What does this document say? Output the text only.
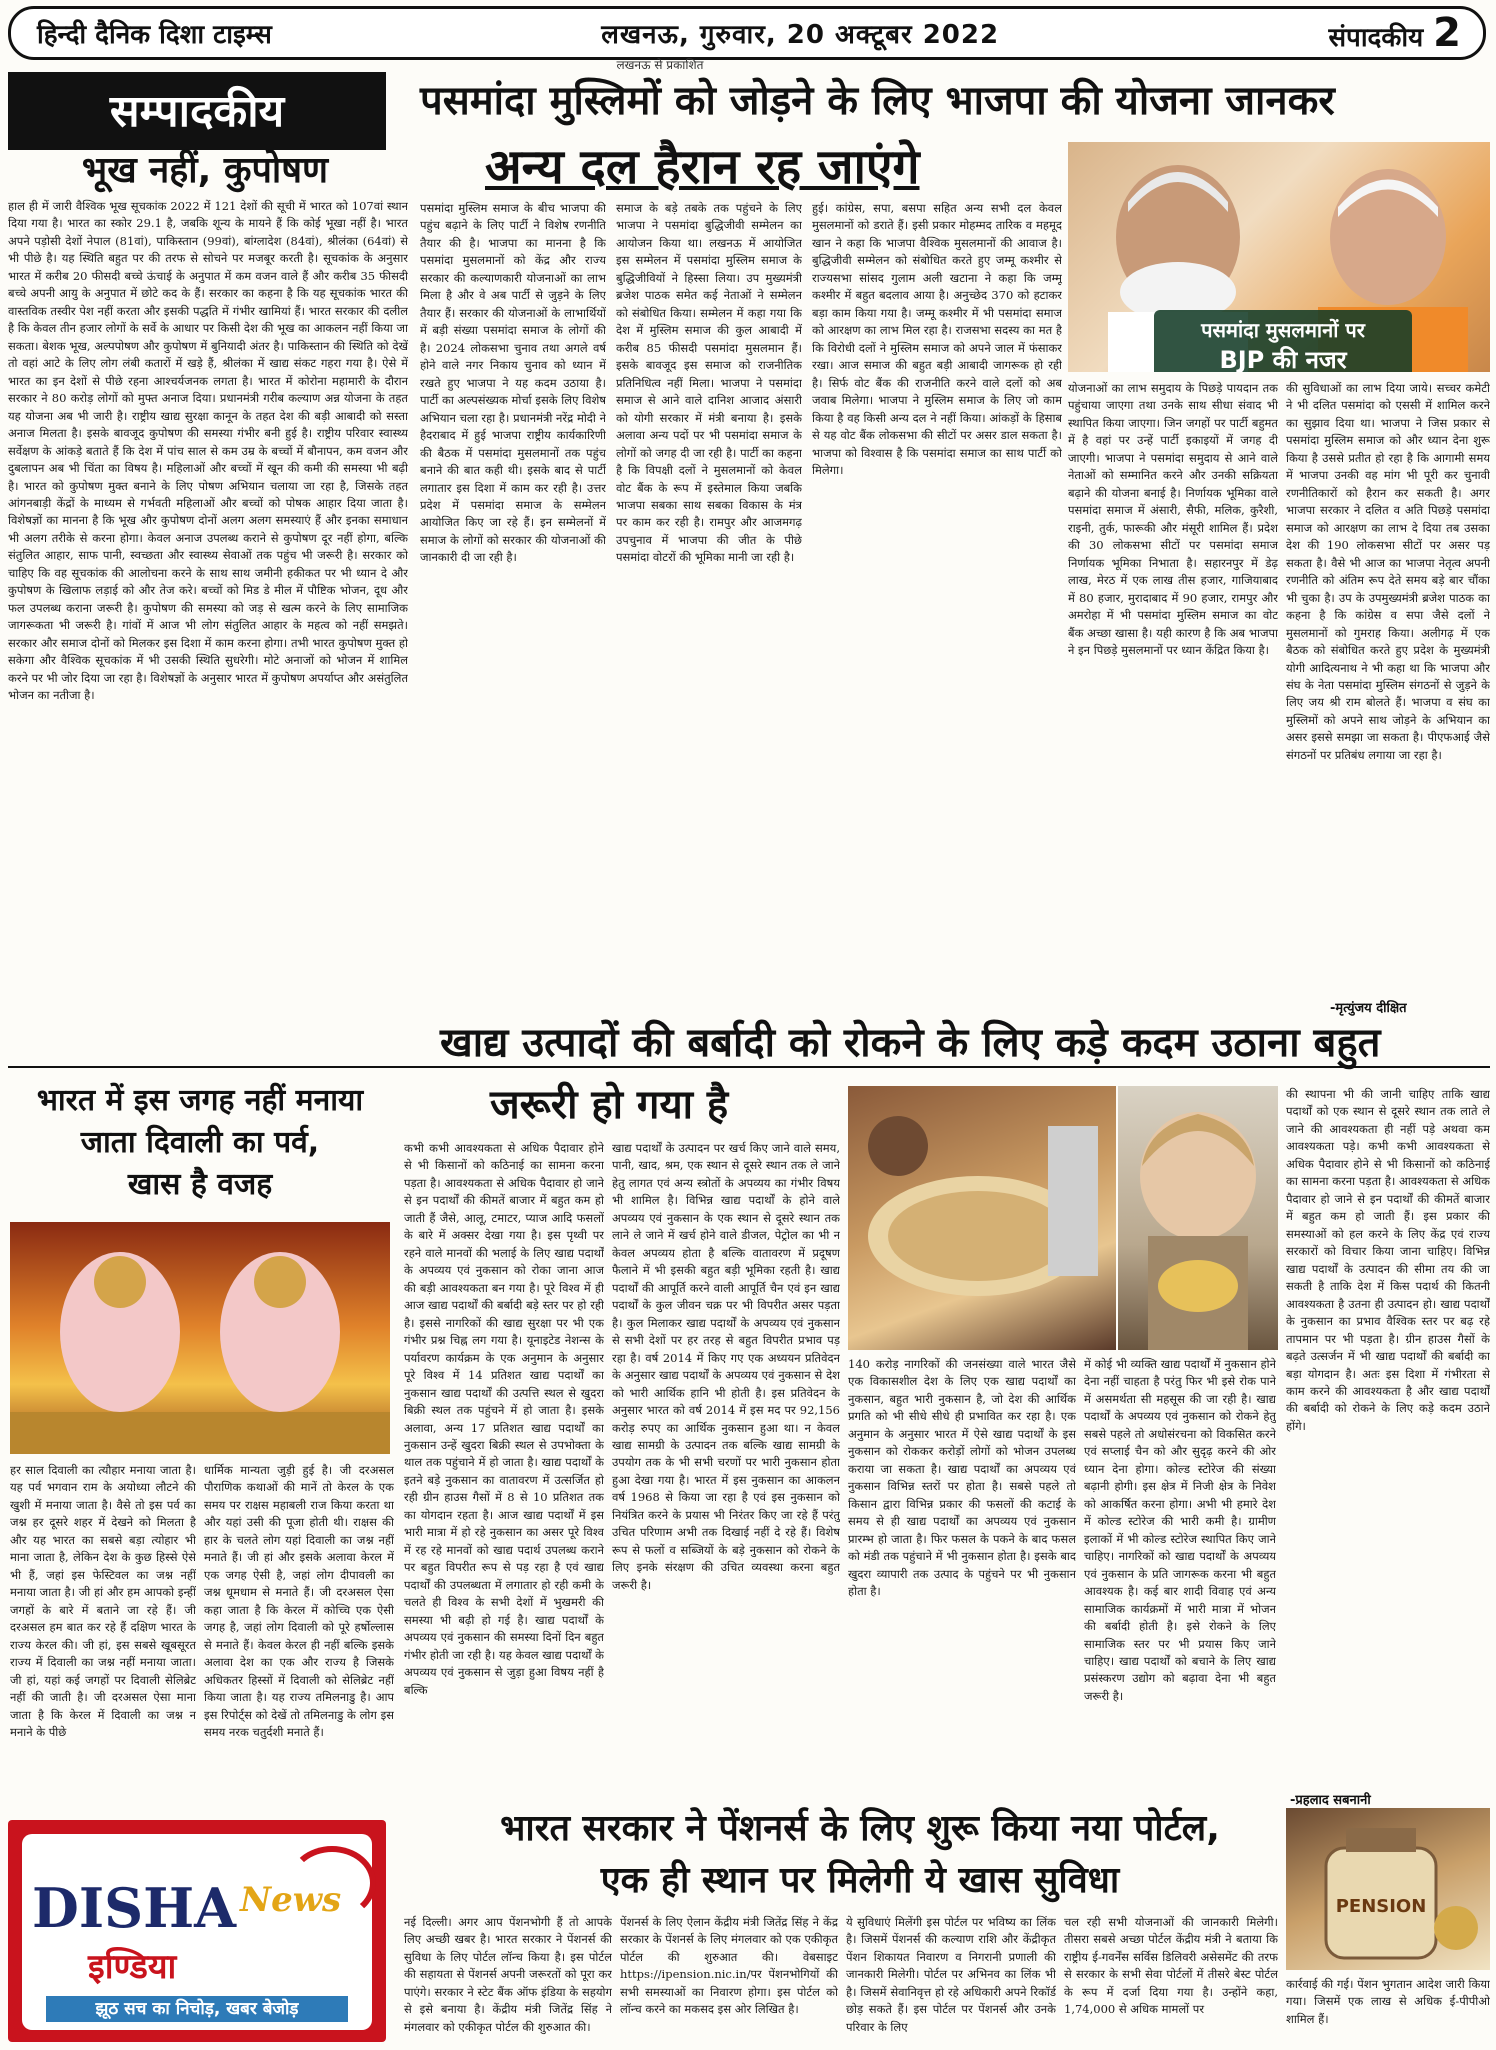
हिन्दी दैनिक दिशा टाइम्स	लखनऊ, गुरुवार, 20 अक्टूबर 2022	संपादकीय 2
लखनऊ से प्रकाशित
सम्पादकीय
भूख नहीं, कुपोषण
हाल ही में जारी वैश्विक भूख सूचकांक 2022 में 121 देशों की सूची में भारत को 107वां स्थान दिया गया है। भारत का स्कोर 29.1 है, जबकि शून्य के मायने हैं कि कोई भूखा नहीं है। भारत अपने पड़ोसी देशों नेपाल (81वां), पाकिस्तान (99वां), बांग्लादेश (84वां), श्रीलंका (64वां) से भी पीछे है। यह स्थिति बहुत पर की तरफ से सोचने पर मजबूर करती है। सूचकांक के अनुसार भारत में करीब 20 फीसदी बच्चे ऊंचाई के अनुपात में कम वजन वाले हैं और करीब 35 फीसदी बच्चे अपनी आयु के अनुपात में छोटे कद के हैं। सरकार का कहना है कि यह सूचकांक भारत की वास्तविक तस्वीर पेश नहीं करता और इसकी पद्धति में गंभीर खामियां हैं। भारत सरकार की दलील है कि केवल तीन हजार लोगों के सर्वे के आधार पर किसी देश की भूख का आकलन नहीं किया जा सकता। बेशक भूख, अल्पपोषण और कुपोषण में बुनियादी अंतर है। पाकिस्तान की स्थिति को देखें तो वहां आटे के लिए लोग लंबी कतारों में खड़े हैं, श्रीलंका में खाद्य संकट गहरा गया है। ऐसे में भारत का इन देशों से पीछे रहना आश्चर्यजनक लगता है। भारत में कोरोना महामारी के दौरान सरकार ने 80 करोड़ लोगों को मुफ्त अनाज दिया। प्रधानमंत्री गरीब कल्याण अन्न योजना के तहत यह योजना अब भी जारी है। राष्ट्रीय खाद्य सुरक्षा कानून के तहत देश की बड़ी आबादी को सस्ता अनाज मिलता है। इसके बावजूद कुपोषण की समस्या गंभीर बनी हुई है। राष्ट्रीय परिवार स्वास्थ्य सर्वेक्षण के आंकड़े बताते हैं कि देश में पांच साल से कम उम्र के बच्चों में बौनापन, कम वजन और दुबलापन अब भी चिंता का विषय है। महिलाओं और बच्चों में खून की कमी की समस्या भी बढ़ी है। भारत को कुपोषण मुक्त बनाने के लिए पोषण अभियान चलाया जा रहा है, जिसके तहत आंगनबाड़ी केंद्रों के माध्यम से गर्भवती महिलाओं और बच्चों को पोषक आहार दिया जाता है। विशेषज्ञों का मानना है कि भूख और कुपोषण दोनों अलग अलग समस्याएं हैं और इनका समाधान भी अलग तरीके से करना होगा। केवल अनाज उपलब्ध कराने से कुपोषण दूर नहीं होगा, बल्कि संतुलित आहार, साफ पानी, स्वच्छता और स्वास्थ्य सेवाओं तक पहुंच भी जरूरी है। सरकार को चाहिए कि वह सूचकांक की आलोचना करने के साथ साथ जमीनी हकीकत पर भी ध्यान दे और कुपोषण के खिलाफ लड़ाई को और तेज करे। बच्चों को मिड डे मील में पौष्टिक भोजन, दूध और फल उपलब्ध कराना जरूरी है। कुपोषण की समस्या को जड़ से खत्म करने के लिए सामाजिक जागरूकता भी जरूरी है। गांवों में आज भी लोग संतुलित आहार के महत्व को नहीं समझते। सरकार और समाज दोनों को मिलकर इस दिशा में काम करना होगा। तभी भारत कुपोषण मुक्त हो सकेगा और वैश्विक सूचकांक में भी उसकी स्थिति सुधरेगी। मोटे अनाजों को भोजन में शामिल करने पर भी जोर दिया जा रहा है। विशेषज्ञों के अनुसार भारत में कुपोषण अपर्याप्त और असंतुलित भोजन का नतीजा है।
पसमांदा मुस्लिमों को जोड़ने के लिए भाजपा की योजना जानकर
अन्य दल हैरान रह जाएंगे
पसमांदा मुस्लिम समाज के बीच भाजपा की पहुंच बढ़ाने के लिए पार्टी ने विशेष रणनीति तैयार की है। भाजपा का मानना है कि पसमांदा मुसलमानों को केंद्र और राज्य सरकार की कल्याणकारी योजनाओं का लाभ मिला है और वे अब पार्टी से जुड़ने के लिए तैयार हैं। सरकार की योजनाओं के लाभार्थियों में बड़ी संख्या पसमांदा समाज के लोगों की है। 2024 लोकसभा चुनाव तथा अगले वर्ष होने वाले नगर निकाय चुनाव को ध्यान में रखते हुए भाजपा ने यह कदम उठाया है। पार्टी का अल्पसंख्यक मोर्चा इसके लिए विशेष अभियान चला रहा है। प्रधानमंत्री नरेंद्र मोदी ने हैदराबाद में हुई भाजपा राष्ट्रीय कार्यकारिणी की बैठक में पसमांदा मुसलमानों तक पहुंच बनाने की बात कही थी। इसके बाद से पार्टी लगातार इस दिशा में काम कर रही है। उत्तर प्रदेश में पसमांदा समाज के सम्मेलन आयोजित किए जा रहे हैं। इन सम्मेलनों में समाज के लोगों को सरकार की योजनाओं की जानकारी दी जा रही है।
समाज के बड़े तबके तक पहुंचने के लिए भाजपा ने पसमांदा बुद्धिजीवी सम्मेलन का आयोजन किया था। लखनऊ में आयोजित इस सम्मेलन में पसमांदा मुस्लिम समाज के बुद्धिजीवियों ने हिस्सा लिया। उप मुख्यमंत्री ब्रजेश पाठक समेत कई नेताओं ने सम्मेलन को संबोधित किया। सम्मेलन में कहा गया कि देश में मुस्लिम समाज की कुल आबादी में करीब 85 फीसदी पसमांदा मुसलमान हैं। इसके बावजूद इस समाज को राजनीतिक प्रतिनिधित्व नहीं मिला। भाजपा ने पसमांदा समाज से आने वाले दानिश आजाद अंसारी को योगी सरकार में मंत्री बनाया है। इसके अलावा अन्य पदों पर भी पसमांदा समाज के लोगों को जगह दी जा रही है। पार्टी का कहना है कि विपक्षी दलों ने मुसलमानों को केवल वोट बैंक के रूप में इस्तेमाल किया जबकि भाजपा सबका साथ सबका विकास के मंत्र पर काम कर रही है। रामपुर और आजमगढ़ उपचुनाव में भाजपा की जीत के पीछे पसमांदा वोटरों की भूमिका मानी जा रही है।
हुई। कांग्रेस, सपा, बसपा सहित अन्य सभी दल केवल मुसलमानों को डराते हैं। इसी प्रकार मोहम्मद तारिक व महमूद खान ने कहा कि भाजपा वैश्विक मुसलमानों की आवाज है। बुद्धिजीवी सम्मेलन को संबोधित करते हुए जम्मू कश्मीर से राज्यसभा सांसद गुलाम अली खटाना ने कहा कि जम्मू कश्मीर में बहुत बदलाव आया है। अनुच्छेद 370 को हटाकर बड़ा काम किया गया है। जम्मू कश्मीर में भी पसमांदा समाज को आरक्षण का लाभ मिल रहा है। राजसभा सदस्य का मत है कि विरोधी दलों ने मुस्लिम समाज को अपने जाल में फंसाकर रखा। आज समाज की बहुत बड़ी आबादी जागरूक हो रही है। सिर्फ वोट बैंक की राजनीति करने वाले दलों को अब जवाब मिलेगा। भाजपा ने मुस्लिम समाज के लिए जो काम किया है वह किसी अन्य दल ने नहीं किया। आंकड़ों के हिसाब से यह वोट बैंक लोकसभा की सीटों पर असर डाल सकता है। भाजपा को विश्वास है कि पसमांदा समाज का साथ पार्टी को मिलेगा।
पसमांदा मुसलमानों पर
BJP की नजर
योजनाओं का लाभ समुदाय के पिछड़े पायदान तक पहुंचाया जाएगा तथा उनके साथ सीधा संवाद भी स्थापित किया जाएगा। जिन जगहों पर पार्टी बहुमत में है वहां पर उन्हें पार्टी इकाइयों में जगह दी जाएगी। भाजपा ने पसमांदा समुदाय से आने वाले नेताओं को सम्मानित करने और उनकी सक्रियता बढ़ाने की योजना बनाई है। निर्णायक भूमिका वाले पसमांदा समाज में अंसारी, सैफी, मलिक, कुरैशी, राइनी, तुर्क, फारूकी और मंसूरी शामिल हैं। प्रदेश की 30 लोकसभा सीटों पर पसमांदा समाज निर्णायक भूमिका निभाता है। सहारनपुर में डेढ़ लाख, मेरठ में एक लाख तीस हजार, गाजियाबाद में 80 हजार, मुरादाबाद में 90 हजार, रामपुर और अमरोहा में भी पसमांदा मुस्लिम समाज का वोट बैंक अच्छा खासा है। यही कारण है कि अब भाजपा ने इन पिछड़े मुसलमानों पर ध्यान केंद्रित किया है।
की सुविधाओं का लाभ दिया जाये। सच्चर कमेटी ने भी दलित पसमांदा को एससी में शामिल करने का सुझाव दिया था। भाजपा ने जिस प्रकार से पसमांदा मुस्लिम समाज को और ध्यान देना शुरू किया है उससे प्रतीत हो रहा है कि आगामी समय में भाजपा उनकी वह मांग भी पूरी कर चुनावी रणनीतिकारों को हैरान कर सकती है। अगर भाजपा सरकार ने दलित व अति पिछड़े पसमांदा समाज को आरक्षण का लाभ दे दिया तब उसका देश की 190 लोकसभा सीटों पर असर पड़ सकता है। वैसे भी आज का भाजपा नेतृत्व अपनी रणनीति को अंतिम रूप देते समय बड़े बार चौंका भी चुका है। उप के उपमुख्यमंत्री ब्रजेश पाठक का कहना है कि कांग्रेस व सपा जैसे दलों ने मुसलमानों को गुमराह किया। अलीगढ़ में एक बैठक को संबोधित करते हुए प्रदेश के मुख्यमंत्री योगी आदित्यनाथ ने भी कहा था कि भाजपा और संघ के नेता पसमांदा मुस्लिम संगठनों से जुड़ने के लिए जय श्री राम बोलते हैं। भाजपा व संघ का मुस्लिमों को अपने साथ जोड़ने के अभियान का असर इससे समझा जा सकता है। पीएफआई जैसे संगठनों पर प्रतिबंध लगाया जा रहा है।
-मृत्युंजय दीक्षित
खाद्य उत्पादों की बर्बादी को रोकने के लिए कड़े कदम उठाना बहुत
जरूरी हो गया है
कभी कभी आवश्यकता से अधिक पैदावार होने से भी किसानों को कठिनाई का सामना करना पड़ता है। आवश्यकता से अधिक पैदावार हो जाने से इन पदार्थों की कीमतें बाजार में बहुत कम हो जाती हैं जैसे, आलू, टमाटर, प्याज आदि फसलों के बारे में अक्सर देखा गया है। इस पृथ्वी पर रहने वाले मानवों की भलाई के लिए खाद्य पदार्थों के अपव्यय एवं नुकसान को रोका जाना आज की बड़ी आवश्यकता बन गया है। पूरे विश्व में ही आज खाद्य पदार्थों की बर्बादी बड़े स्तर पर हो रही है। इससे नागरिकों की खाद्य सुरक्षा पर भी एक गंभीर प्रश्न चिह्न लग गया है। यूनाइटेड नेशन्स के पर्यावरण कार्यक्रम के एक अनुमान के अनुसार पूरे विश्व में 14 प्रतिशत खाद्य पदार्थों का नुकसान खाद्य पदार्थों की उत्पत्ति स्थल से खुदरा बिक्री स्थल तक पहुंचने में हो जाता है। इसके अलावा, अन्य 17 प्रतिशत खाद्य पदार्थों का नुकसान उन्हें खुदरा बिक्री स्थल से उपभोक्ता के थाल तक पहुंचाने में हो जाता है। खाद्य पदार्थों के इतने बड़े नुकसान का वातावरण में उत्सर्जित हो रही ग्रीन हाउस गैसों में 8 से 10 प्रतिशत तक का योगदान रहता है। आज खाद्य पदार्थों में इस भारी मात्रा में हो रहे नुकसान का असर पूरे विश्व में रह रहे मानवों को खाद्य पदार्थ उपलब्ध कराने पर बहुत विपरीत रूप से पड़ रहा है एवं खाद्य पदार्थों की उपलब्धता में लगातार हो रही कमी के चलते ही विश्व के सभी देशों में भुखमरी की समस्या भी बढ़ी हो गई है। खाद्य पदार्थों के अपव्यय एवं नुकसान की समस्या दिनों दिन बहुत गंभीर होती जा रही है। यह केवल खाद्य पदार्थों के अपव्यय एवं नुकसान से जुड़ा हुआ विषय नहीं है बल्कि
खाद्य पदार्थों के उत्पादन पर खर्च किए जाने वाले समय, पानी, खाद, श्रम, एक स्थान से दूसरे स्थान तक ले जाने हेतु लागत एवं अन्य स्त्रोतों के अपव्यय का गंभीर विषय भी शामिल है। विभिन्न खाद्य पदार्थों के होने वाले अपव्यय एवं नुकसान के एक स्थान से दूसरे स्थान तक लाने ले जाने में खर्च होने वाले डीजल, पेट्रोल का भी न केवल अपव्यय होता है बल्कि वातावरण में प्रदूषण फैलाने में भी इसकी बहुत बड़ी भूमिका रहती है। खाद्य पदार्थों की आपूर्ति करने वाली आपूर्ति चैन एवं इन खाद्य पदार्थों के कुल जीवन चक्र पर भी विपरीत असर पड़ता है। कुल मिलाकर खाद्य पदार्थों के अपव्यय एवं नुकसान से सभी देशों पर हर तरह से बहुत विपरीत प्रभाव पड़ रहा है। वर्ष 2014 में किए गए एक अध्ययन प्रतिवेदन के अनुसार खाद्य पदार्थों के अपव्यय एवं नुकसान से देश को भारी आर्थिक हानि भी होती है। इस प्रतिवेदन के अनुसार भारत को वर्ष 2014 में इस मद पर 92,156 करोड़ रुपए का आर्थिक नुकसान हुआ था। न केवल खाद्य सामग्री के उत्पादन तक बल्कि खाद्य सामग्री के उपयोग तक के भी सभी चरणों पर भारी नुकसान होता हुआ देखा गया है। भारत में इस नुकसान का आकलन वर्ष 1968 से किया जा रहा है एवं इस नुकसान को नियंत्रित करने के प्रयास भी निरंतर किए जा रहे हैं परंतु उचित परिणाम अभी तक दिखाई नहीं दे रहे हैं। विशेष रूप से फलों व सब्जियों के बड़े नुकसान को रोकने के लिए इनके संरक्षण की उचित व्यवस्था करना बहुत जरूरी है।
140 करोड़ नागरिकों की जनसंख्या वाले भारत जैसे एक विकासशील देश के लिए एक खाद्य पदार्थों का नुकसान, बहुत भारी नुकसान है, जो देश की आर्थिक प्रगति को भी सीधे सीधे ही प्रभावित कर रहा है। एक अनुमान के अनुसार भारत में ऐसे खाद्य पदार्थों के इस नुकसान को रोककर करोड़ों लोगों को भोजन उपलब्ध कराया जा सकता है। खाद्य पदार्थों का अपव्यय एवं नुकसान विभिन्न स्तरों पर होता है। सबसे पहले तो किसान द्वारा विभिन्न प्रकार की फसलों की कटाई के समय से ही खाद्य पदार्थों का अपव्यय एवं नुकसान प्रारम्भ हो जाता है। फिर फसल के पकने के बाद फसल को मंडी तक पहुंचाने में भी नुकसान होता है। इसके बाद खुदरा व्यापारी तक उत्पाद के पहुंचने पर भी नुकसान होता है।
में कोई भी व्यक्ति खाद्य पदार्थों में नुकसान होने देना नहीं चाहता है परंतु फिर भी इसे रोक पाने में असमर्थता सी महसूस की जा रही है। खाद्य पदार्थों के अपव्यय एवं नुकसान को रोकने हेतु सबसे पहले तो अधोसंरचना को विकसित करने एवं सप्लाई चैन को और सुदृढ़ करने की ओर ध्यान देना होगा। कोल्ड स्टोरेज की संख्या बढ़ानी होगी। इस क्षेत्र में निजी क्षेत्र के निवेश को आकर्षित करना होगा। अभी भी हमारे देश में कोल्ड स्टोरेज की भारी कमी है। ग्रामीण इलाकों में भी कोल्ड स्टोरेज स्थापित किए जाने चाहिए। नागरिकों को खाद्य पदार्थों के अपव्यय एवं नुकसान के प्रति जागरूक करना भी बहुत आवश्यक है। कई बार शादी विवाह एवं अन्य सामाजिक कार्यक्रमों में भारी मात्रा में भोजन की बर्बादी होती है। इसे रोकने के लिए सामाजिक स्तर पर भी प्रयास किए जाने चाहिए। खाद्य पदार्थों को बचाने के लिए खाद्य प्रसंस्करण उद्योग को बढ़ावा देना भी बहुत जरूरी है।
की स्थापना भी की जानी चाहिए ताकि खाद्य पदार्थों को एक स्थान से दूसरे स्थान तक लाते ले जाने की आवश्यकता ही नहीं पड़े अथवा कम आवश्यकता पड़े। कभी कभी आवश्यकता से अधिक पैदावार होने से भी किसानों को कठिनाई का सामना करना पड़ता है। आवश्यकता से अधिक पैदावार हो जाने से इन पदार्थों की कीमतें बाजार में बहुत कम हो जाती हैं। इस प्रकार की समस्याओं को हल करने के लिए केंद्र एवं राज्य सरकारों को विचार किया जाना चाहिए। विभिन्न खाद्य पदार्थों के उत्पादन की सीमा तय की जा सकती है ताकि देश में किस पदार्थ की कितनी आवश्यकता है उतना ही उत्पादन हो। खाद्य पदार्थों के नुकसान का प्रभाव वैश्विक स्तर पर बढ़ रहे तापमान पर भी पड़ता है। ग्रीन हाउस गैसों के बढ़ते उत्सर्जन में भी खाद्य पदार्थों की बर्बादी का बड़ा योगदान है। अतः इस दिशा में गंभीरता से काम करने की आवश्यकता है और खाद्य पदार्थों की बर्बादी को रोकने के लिए कड़े कदम उठाने होंगे।
-प्रहलाद सबनानी
भारत में इस जगह नहीं मनाया
जाता दिवाली का पर्व,
खास है वजह
हर साल दिवाली का त्यौहार मनाया जाता है। यह पर्व भगवान राम के अयोध्या लौटने की खुशी में मनाया जाता है। वैसे तो इस पर्व का जश्न हर दूसरे शहर में देखने को मिलता है और यह भारत का सबसे बड़ा त्योहार भी माना जाता है, लेकिन देश के कुछ हिस्से ऐसे भी हैं, जहां इस फेस्टिवल का जश्न नहीं मनाया जाता है। जी हां और हम आपको इन्हीं जगहों के बारे में बताने जा रहे हैं। जी दरअसल हम बात कर रहे हैं दक्षिण भारत के राज्य केरल की। जी हां, इस सबसे खूबसूरत राज्य में दिवाली का जश्न नहीं मनाया जाता। जी हां, यहां कई जगहों पर दिवाली सेलिब्रेट नहीं की जाती है। जी दरअसल ऐसा माना जाता है कि केरल में दिवाली का जश्न न मनाने के पीछे
धार्मिक मान्यता जुड़ी हुई है। जी दरअसल पौराणिक कथाओं की मानें तो केरल के एक समय पर राक्षस महाबली राज किया करता था और यहां उसी की पूजा होती थी। राक्षस की हार के चलते लोग यहां दिवाली का जश्न नहीं मनाते हैं। जी हां और इसके अलावा केरल में एक जगह ऐसी है, जहां लोग दीपावली का जश्न धूमधाम से मनाते हैं। जी दरअसल ऐसा कहा जाता है कि केरल में कोच्चि एक ऐसी जगह है, जहां लोग दिवाली को पूरे हर्षोल्लास से मनाते हैं। केवल केरल ही नहीं बल्कि इसके अलावा देश का एक और राज्य है जिसके अधिकतर हिस्सों में दिवाली को सेलिब्रेट नहीं किया जाता है। यह राज्य तमिलनाडु है। आप इस रिपोर्ट्स को देखें तो तमिलनाडु के लोग इस समय नरक चतुर्दशी मनाते हैं।
DISHA News
इण्डिया
झूठ सच का निचोड़, खबर बेजोड़
भारत सरकार ने पेंशनर्स के लिए शुरू किया नया पोर्टल,
एक ही स्थान पर मिलेगी ये खास सुविधा
नई दिल्ली। अगर आप पेंशनभोगी हैं तो आपके लिए अच्छी खबर है। भारत सरकार ने पेंशनर्स की सुविधा के लिए पोर्टल लॉन्च किया है। इस पोर्टल की सहायता से पेंशनर्स अपनी जरूरतों को पूरा कर पाएंगे। सरकार ने स्टेट बैंक ऑफ इंडिया के सहयोग से इसे बनाया है। केंद्रीय मंत्री जितेंद्र सिंह ने मंगलवार को एकीकृत पोर्टल की शुरुआत की।
पेंशनर्स के लिए ऐलान केंद्रीय मंत्री जितेंद्र सिंह ने केंद्र सरकार के पेंशनर्स के लिए मंगलवार को एक एकीकृत पोर्टल की शुरुआत की। वेबसाइट https://ipension.nic.in/पर पेंशनभोगियों की सभी समस्याओं का निवारण होगा। इस पोर्टल को लॉन्च करने का मकसद इस ओर लिखित है।
ये सुविधाएं मिलेंगी इस पोर्टल पर भविष्य का लिंक है। जिसमें पेंशनर्स की कल्याण राशि और केंद्रीकृत पेंशन शिकायत निवारण व निगरानी प्रणाली की जानकारी मिलेगी। पोर्टल पर अभिनव का लिंक भी है। जिसमें सेवानिवृत्त हो रहे अधिकारी अपने रिकॉर्ड छोड़ सकते हैं। इस पोर्टल पर पेंशनर्स और उनके परिवार के लिए
चल रही सभी योजनाओं की जानकारी मिलेगी। तीसरा सबसे अच्छा पोर्टल केंद्रीय मंत्री ने बताया कि राष्ट्रीय ई-गवर्नेंस सर्विस डिलिवरी असेसमेंट की तरफ से सरकार के सभी सेवा पोर्टलों में तीसरे बेस्ट पोर्टल के रूप में दर्जा दिया गया है। उन्होंने कहा, 1,74,000 से अधिक मामलों पर
PENSION
कार्रवाई की गई। पेंशन भुगतान आदेश जारी किया गया। जिसमें एक लाख से अधिक ई-पीपीओ शामिल हैं।
